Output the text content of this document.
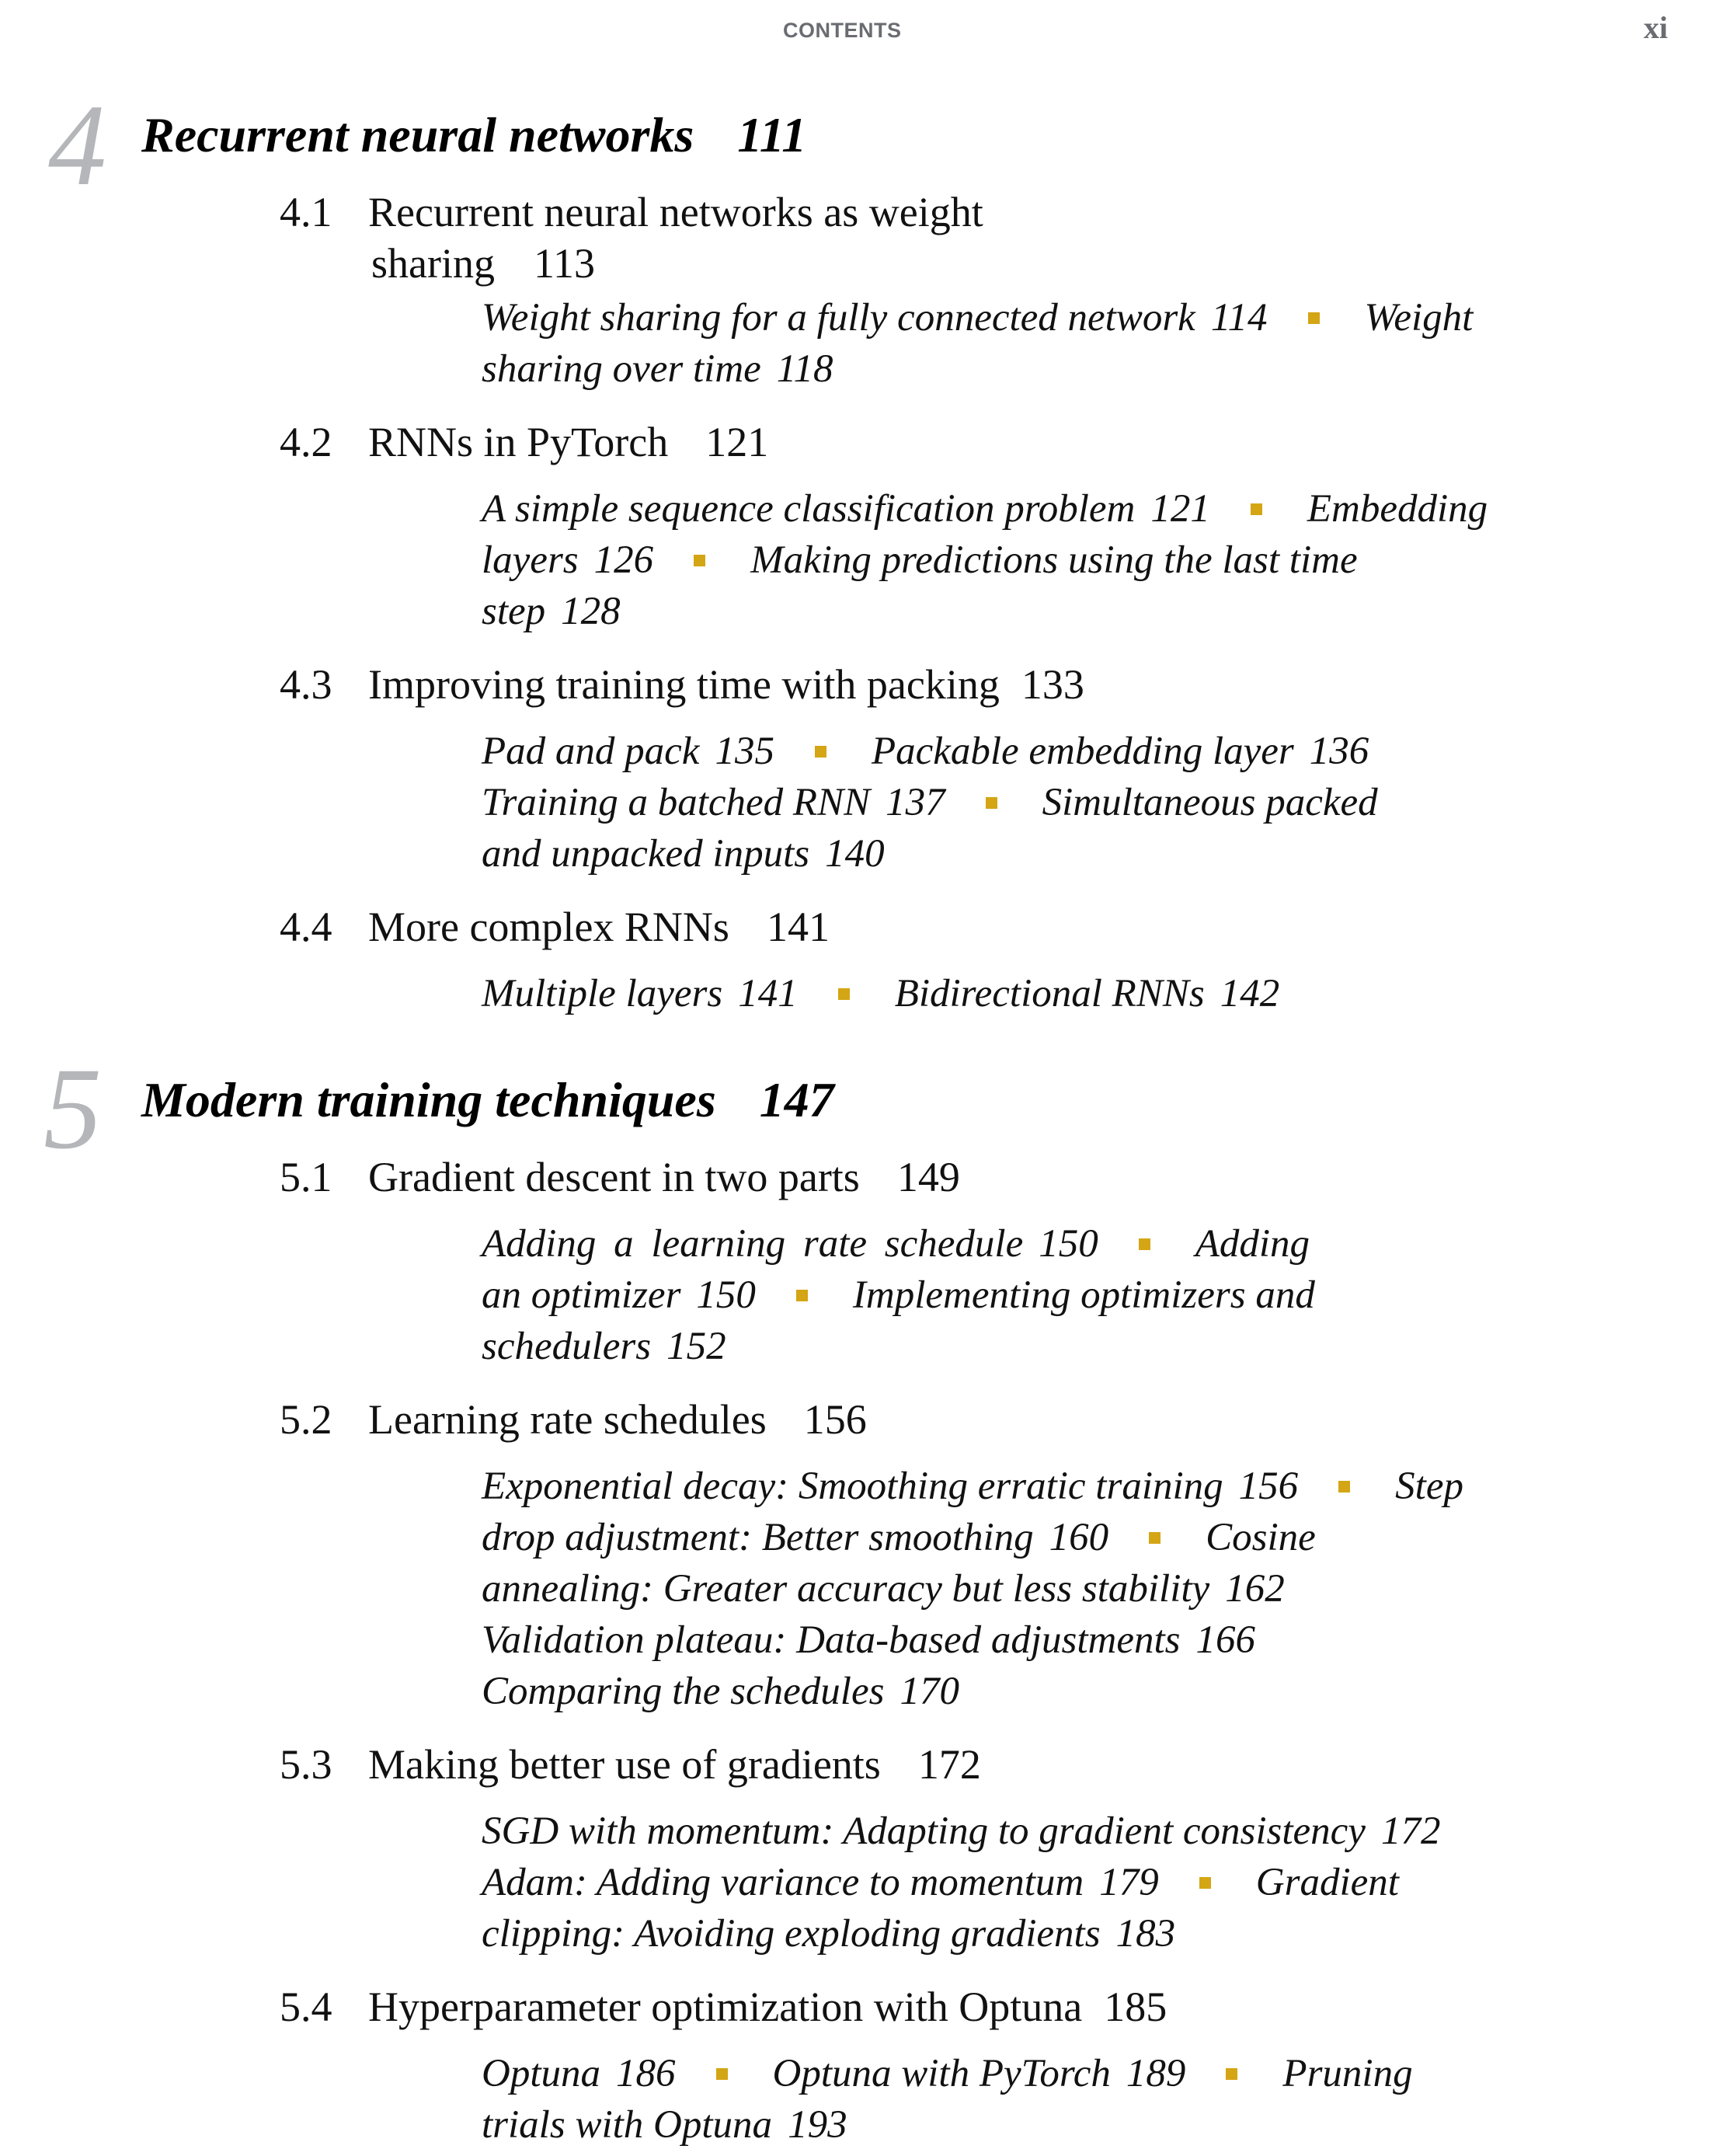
CONTENTS	xi
4 Recurrent neural networks 111
4.1 Recurrent neural networks as weight
sharing 113
Weight sharing for a fully connected network 114 Weight
sharing over time 118
4.2 RNNs in PyTorch 121
A simple sequence classification problem 121 Embedding
layers 126 Making predictions using the last time
step 128
4.3 Improving training time with packing 133
Pad and pack 135 Packable embedding layer 136
Training a batched RNN 137 Simultaneous packed
and unpacked inputs 140
4.4 More complex RNNs 141
Multiple layers 141 Bidirectional RNNs 142
5 Modern training techniques 147
5.1 Gradient descent in two parts 149
Adding a learning rate schedule 150 Adding
an optimizer 150 Implementing optimizers and
schedulers 152
5.2 Learning rate schedules 156
Exponential decay: Smoothing erratic training 156 Step
drop adjustment: Better smoothing 160 Cosine
annealing: Greater accuracy but less stability 162
Validation plateau: Data-based adjustments 166
Comparing the schedules 170
5.3 Making better use of gradients 172
SGD with momentum: Adapting to gradient consistency 172
Adam: Adding variance to momentum 179 Gradient
clipping: Avoiding exploding gradients 183
5.4 Hyperparameter optimization with Optuna 185
Optuna 186 Optuna with PyTorch 189 Pruning
trials with Optuna 193
